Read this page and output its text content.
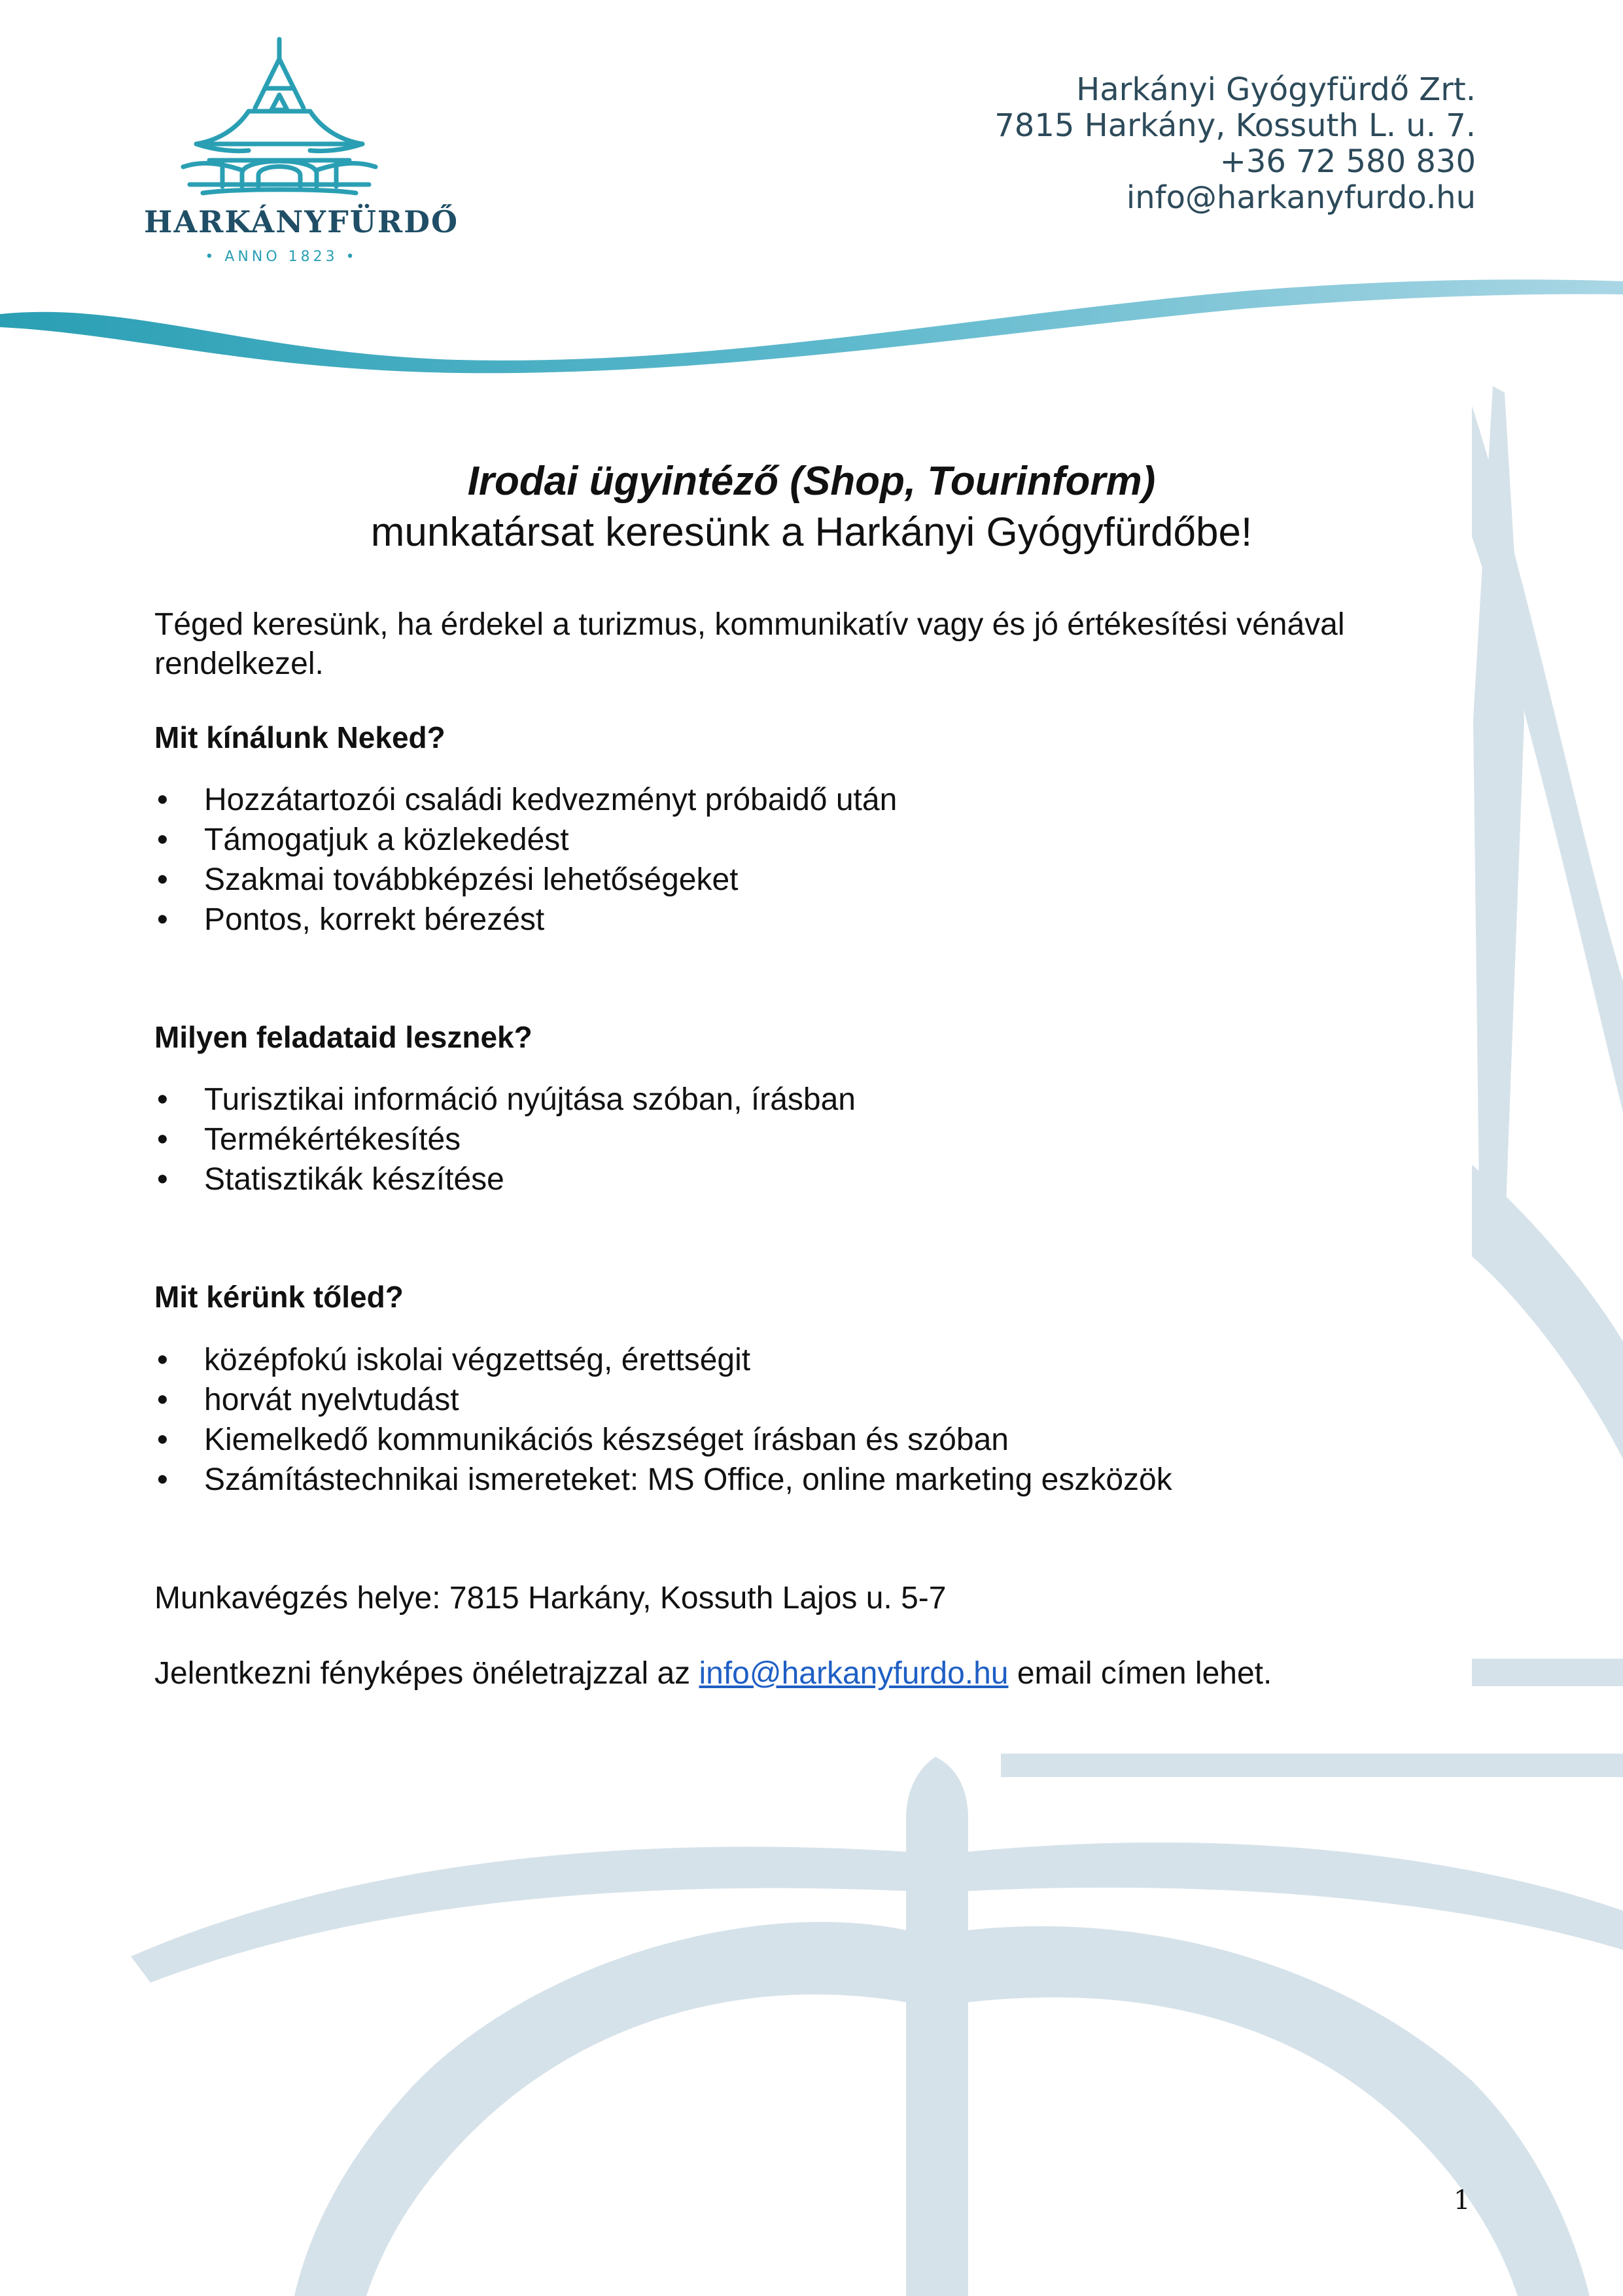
HARKÁNYFÜRDŐ
• ANNO 1823 •
Harkányi Gyógyfürdő Zrt.
7815 Harkány, Kossuth L. u. 7.
+36 72 580 830
info@harkanyfurdo.hu
Irodai ügyintéző (Shop, Tourinform)
munkatársat keresünk a Harkányi Gyógyfürdőbe!
Téged keresünk, ha érdekel a turizmus, kommunikatív vagy és jó értékesítési vénával rendelkezel.
Mit kínálunk Neked?
• Hozzátartozói családi kedvezményt próbaidő után
• Támogatjuk a közlekedést
• Szakmai továbbképzési lehetőségeket
• Pontos, korrekt bérezést
Milyen feladataid lesznek?
• Turisztikai információ nyújtása szóban, írásban
• Termékértékesítés
• Statisztikák készítése
Mit kérünk tőled?
• középfokú iskolai végzettség, érettségit
• horvát nyelvtudást
• Kiemelkedő kommunikációs készséget írásban és szóban
• Számítástechnikai ismereteket: MS Office, online marketing eszközök
Munkavégzés helye: 7815 Harkány, Kossuth Lajos u. 5-7
Jelentkezni fényképes önéletrajzzal az info@harkanyfurdo.hu email címen lehet.
1
